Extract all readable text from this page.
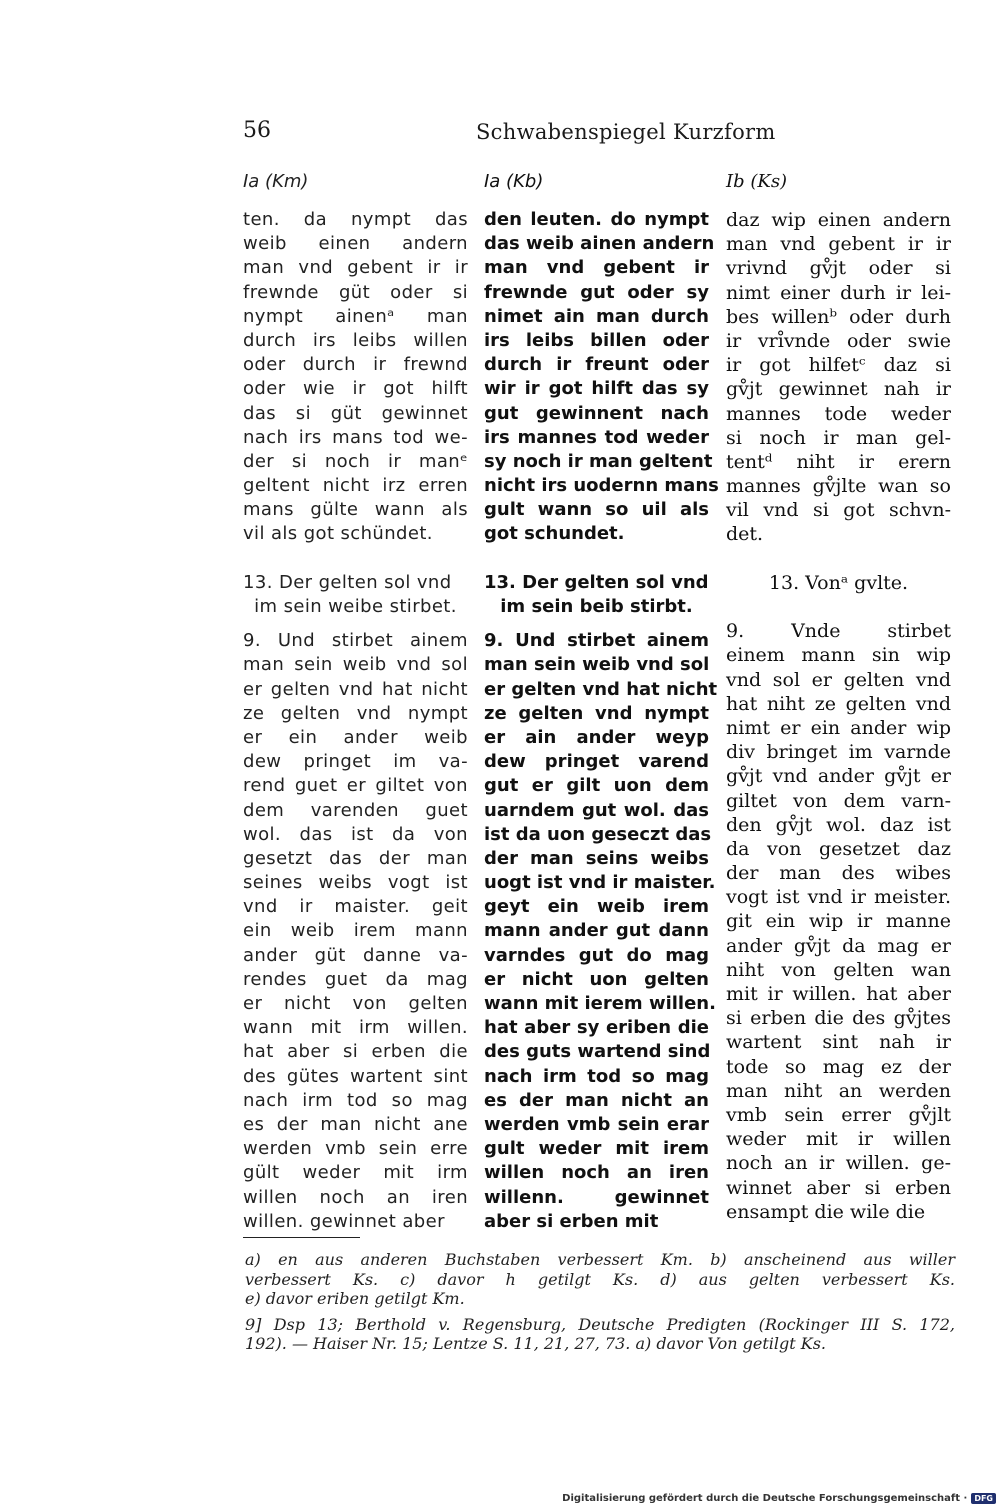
56	Schwabenspiegel Kurzform
Ia (Km)
ten. da nympt das
weib einen andern
man vnd gebent ir ir
frewnde güt oder si
nympt ainenᵃ man
durch irs leibs willen
oder durch ir frewnd
oder wie ir got hilft
das si güt gewinnet
nach irs mans tod we-
der si noch ir manᵉ
geltent nicht irz erren
mans gülte wann als
vil als got schündet.
13. Der gelten sol vnd
im sein weibe stirbet.
9. Und stirbet ainem
man sein weib vnd sol
er gelten vnd hat nicht
ze gelten vnd nympt
er ein ander weib
dew pringet im va-
rend guet er giltet von
dem varenden guet
wol. das ist da von
gesetzt das der man
seines weibs vogt ist
vnd ir maister. geit
ein weib irem mann
ander güt danne va-
rendes guet da mag
er nicht von gelten
wann mit irm willen.
hat aber si erben die
des gütes wartent sint
nach irm tod so mag
es der man nicht ane
werden vmb sein erre
gült weder mit irm
willen noch an iren
willen. gewinnet aber
Ia (Kb)
den leuten. do nympt
das weib ainen andern
man vnd gebent ir
frewnde gut oder sy
nimet ain man durch
irs leibs billen oder
durch ir freunt oder
wir ir got hilft das sy
gut gewinnent nach
irs mannes tod weder
sy noch ir man geltent
nicht irs uodernn mans
gult wann so uil als
got schundet.
13. Der gelten sol vnd
im sein beib stirbt.
9. Und stirbet ainem
man sein weib vnd sol
er gelten vnd hat nicht
ze gelten vnd nympt
er ain ander weyp
dew pringet varend
gut er gilt uon dem
uarndem gut wol. das
ist da uon geseczt das
der man seins weibs
uogt ist vnd ir maister.
geyt ein weib irem
mann ander gut dann
varndes gut do mag
er nicht uon gelten
wann mit ierem willen.
hat aber sy eriben die
des guts wartend sind
nach irm tod so mag
es der man nicht an
werden vmb sein erar
gult weder mit irem
willen noch an iren
willenn. gewinnet
aber si erben mit
Ib (Ks)
daz wip einen andern
man vnd gebent ir ir
vrivnd gv̊jt oder si
nimt einer durh ir lei-
bes willenᵇ oder durh
ir vri̊vnde oder swie
ir got hilfetᶜ daz si
gv̊jt gewinnet nah ir
mannes tode weder
si noch ir man gel-
tentᵈ niht ir erern
mannes gv̊jlte wan so
vil vnd si got schvn-
det.
13. Vonᵃ gvlte.
9. Vnde stirbet
einem mann sin wip
vnd sol er gelten vnd
hat niht ze gelten vnd
nimt er ein ander wip
div bringet im varnde
gv̊jt vnd ander gv̊jt er
giltet von dem varn-
den gv̊jt wol. daz ist
da von gesetzet daz
der man des wibes
vogt ist vnd ir meister.
git ein wip ir manne
ander gv̊jt da mag er
niht von gelten wan
mit ir willen. hat aber
si erben die des gv̊jtes
wartent sint nah ir
tode so mag ez der
man niht an werden
vmb sein errer gv̊jlt
weder mit ir willen
noch an ir willen. ge-
winnet aber si erben
ensampt die wile die
a) en aus anderen Buchstaben verbessert Km. b) anscheinend aus willer
verbessert Ks. c) davor h getilgt Ks. d) aus gelten verbessert Ks.
e) davor eriben getilgt Km.
9] Dsp 13; Berthold v. Regensburg, Deutsche Predigten (Rockinger III S. 172,
192). — Haiser Nr. 15; Lentze S. 11, 21, 27, 73. a) davor Von getilgt Ks.
Digitalisierung gefördert durch die Deutsche Forschungsgemeinschaft · DFG
